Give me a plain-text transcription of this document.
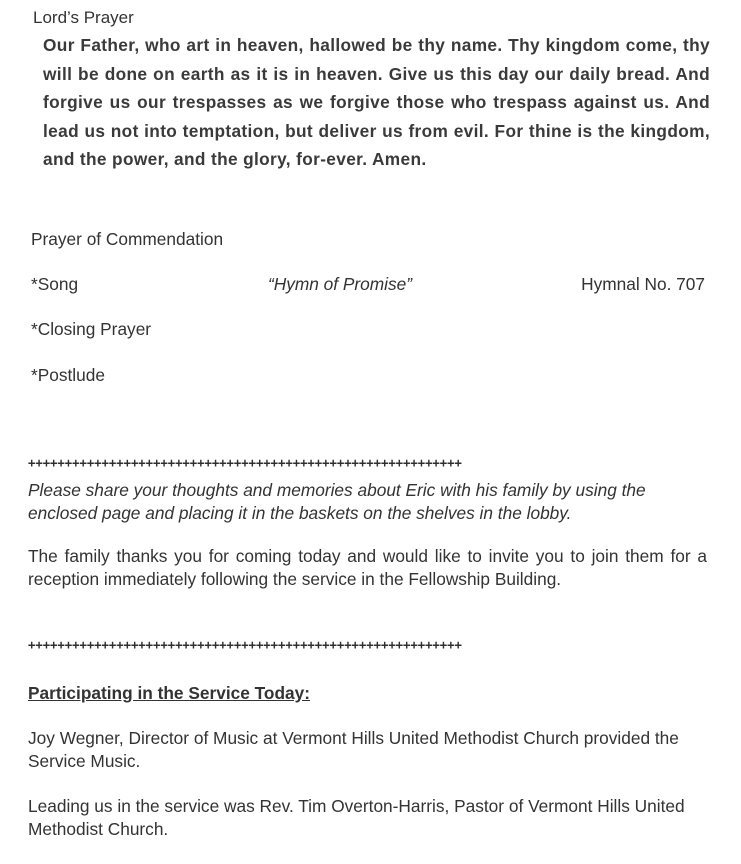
Lord’s Prayer

Our Father, who art in heaven, hallowed be thy name. Thy kingdom come, thy will be done on earth as it is in heaven. Give us this day our daily bread. And forgive us our trespasses as we forgive those who trespass against us. And lead us not into temptation, but deliver us from evil. For thine is the kingdom, and the power, and the glory, for-ever. Amen.

Prayer of Commendation

*Song	“Hymn of Promise”	Hymnal No. 707

*Closing Prayer

*Postlude

+++++++++++++++++++++++++++++++++++++++++++++++++++++++++++

Please share your thoughts and memories about Eric with his family by using the enclosed page and placing it in the baskets on the shelves in the lobby.

The family thanks you for coming today and would like to invite you to join them for a reception immediately following the service in the Fellowship Building.

+++++++++++++++++++++++++++++++++++++++++++++++++++++++++++

Participating in the Service Today:

Joy Wegner, Director of Music at Vermont Hills United Methodist Church provided the Service Music.

Leading us in the service was Rev. Tim Overton-Harris, Pastor of Vermont Hills United Methodist Church.
